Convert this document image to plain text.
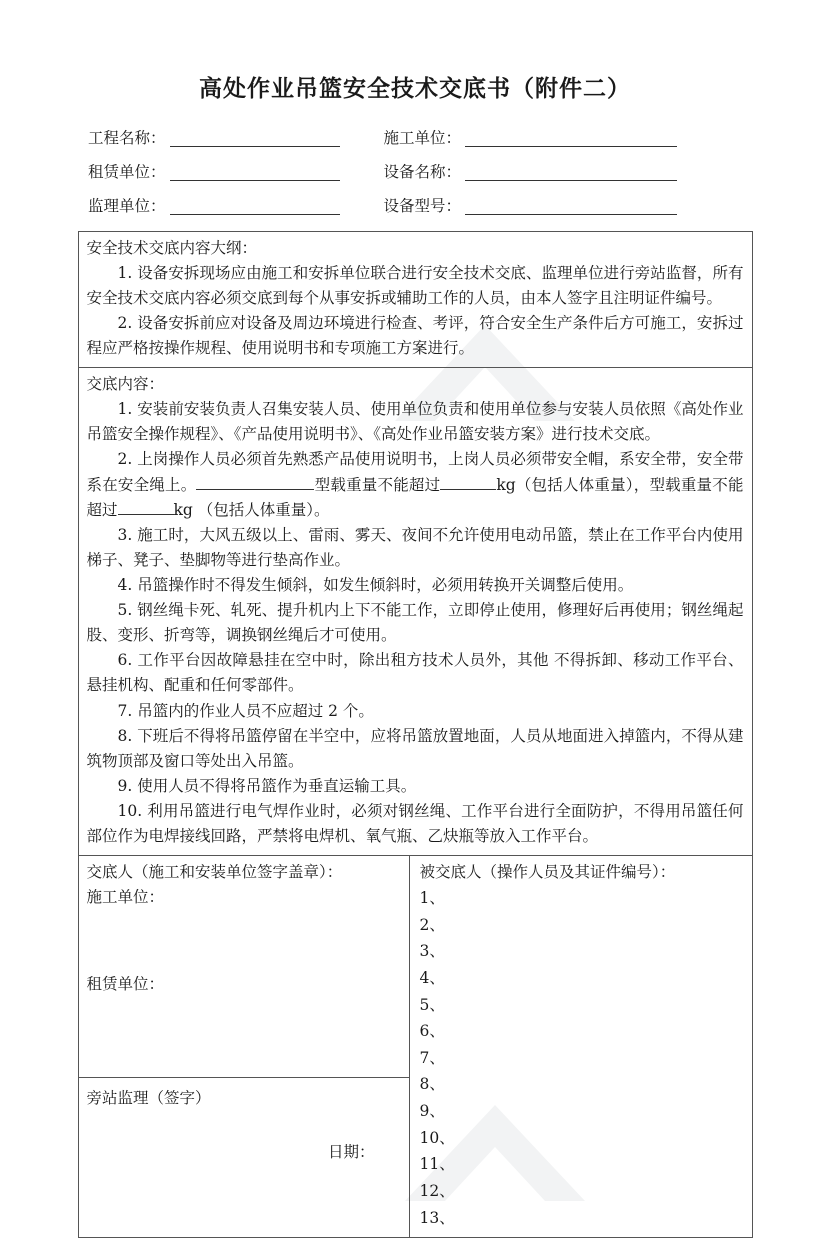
高处作业吊篮安全技术交底书（附件二）
工程名称：	施工单位：
租赁单位：	设备名称：
监理单位：	设备型号：

安全技术交底内容大纲：

1. 设备安拆现场应由施工和安拆单位联合进行安全技术交底、监理单位进行旁站监督，所有安全技术交底内容必须交底到每个从事安拆或辅助工作的人员，由本人签字且注明证件编号。

2. 设备安拆前应对设备及周边环境进行检查、考评，符合安全生产条件后方可施工，安拆过程应严格按操作规程、使用说明书和专项施工方案进行。

交底内容：

1. 安装前安装负责人召集安装人员、使用单位负责和使用单位参与安装人员依照《高处作业吊篮安全操作规程》、《产品使用说明书》、《高处作业吊篮安装方案》进行技术交底。

2. 上岗操作人员必须首先熟悉产品使用说明书，上岗人员必须带安全帽，系安全带，安全带系在安全绳上。	型载重量不能超过	kg（包括人体重量），型载重量不能超过	kg （包括人体重量）。

3. 施工时，大风五级以上、雷雨、雾天、夜间不允许使用电动吊篮，禁止在工作平台内使用梯子、凳子、垫脚物等进行垫高作业。

4. 吊篮操作时不得发生倾斜，如发生倾斜时，必须用转换开关调整后使用。

5. 钢丝绳卡死、轧死、提升机内上下不能工作，立即停止使用，修理好后再使用；钢丝绳起股、变形、折弯等，调换钢丝绳后才可使用。

6. 工作平台因故障悬挂在空中时，除出租方技术人员外，其他 不得拆卸、移动工作平台、悬挂机构、配重和任何零部件。

7. 吊篮内的作业人员不应超过 2 个。

8. 下班后不得将吊篮停留在半空中，应将吊篮放置地面，人员从地面进入掉篮内，不得从建筑物顶部及窗口等处出入吊篮。

9. 使用人员不得将吊篮作为垂直运输工具。

10. 利用吊篮进行电气焊作业时，必须对钢丝绳、工作平台进行全面防护，不得用吊篮任何部位作为电焊接线回路，严禁将电焊机、氧气瓶、乙炔瓶等放入工作平台。

交底人（施工和安装单位签字盖章）：

施工单位：

租赁单位：

旁站监理（签字）

日期：

被交底人（操作人员及其证件编号）：

1、
2、
3、
4、
5、
6、
7、
8、
9、
10、
11、
12、
13、
